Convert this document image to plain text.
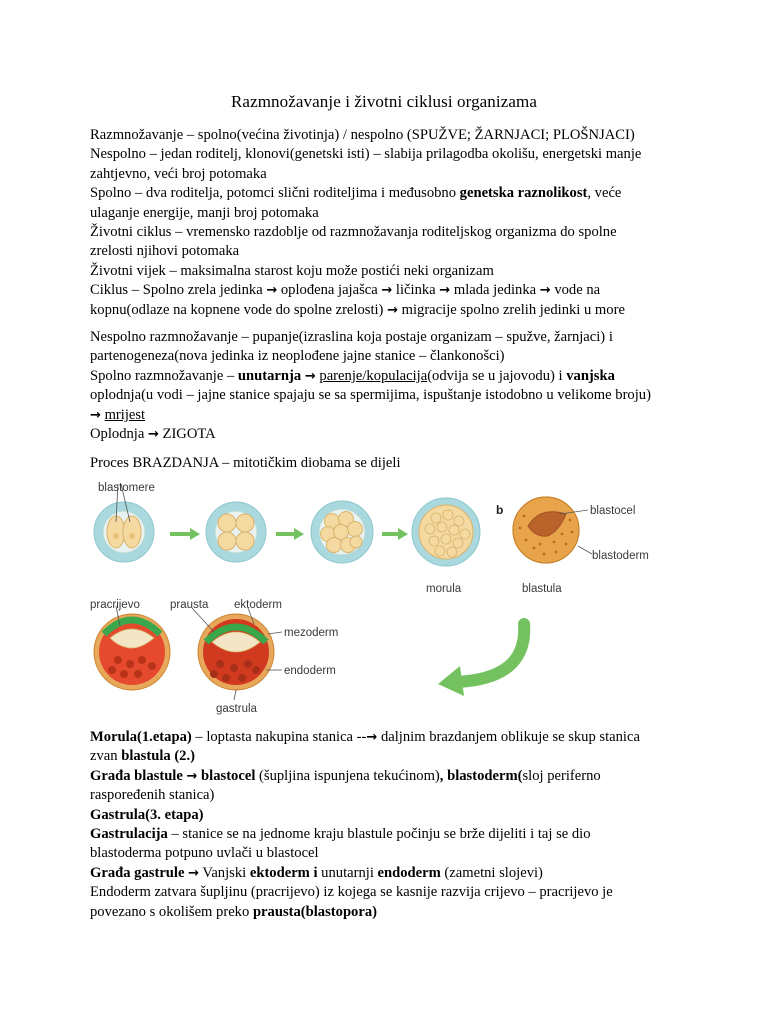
Razmnožavanje i životni ciklusi organizama
Razmnožavanje – spolno(većina životinja) / nespolno (SPUŽVE; ŽARNJACI; PLOŠNJACI)
Nespolno – jedan roditelj, klonovi(genetski isti) – slabija prilagodba okolišu, energetski manje
zahtjevno, veći broj potomaka
Spolno – dva roditelja, potomci slični roditeljima i međusobno genetska raznolikost, veće
ulaganje energije, manji broj potomaka
Životni ciklus – vremensko razdoblje od razmnožavanja roditeljskog organizma do spolne
zrelosti njihovi potomaka
Životni vijek – maksimalna starost koju može postići neki organizam
Ciklus – Spolno zrela jedinka → oplođena jajašca → ličinka → mlada jedinka → vode na
kopnu(odlaze na kopnene vode do spolne zrelosti) → migracije spolno zrelih jedinki u more
Nespolno razmnožavanje – pupanje(izraslina koja postaje organizam – spužve, žarnjaci) i
partenogeneza(nova jedinka iz neoplođene jajne stanice – člankonošci)
Spolno razmnožavanje – unutarnja → parenje/kopulacija(odvija se u jajovodu) i vanjska
oplodnja(u vodi – jajne stanice spajaju se sa spermijima, ispuštanje istodobno u velikome broju)
→ mrijest
Oplodnja → ZIGOTA
Proces BRAZDANJA – mitotičkim diobama se dijeli
blastomere
morula
b	blastocel
blastoderm
blastula
pracrijevo	prausta ektoderm
mezoderm
endoderm
gastrula
Morula(1.etapa) – loptasta nakupina stanica --→ daljnim brazdanjem oblikuje se skup stanica
zvan blastula (2.)
Građa blastule → blastocel (šupljina ispunjena tekućinom), blastoderm(sloj periferno
raspoređenih stanica)
Gastrula(3. etapa)
Gastrulacija – stanice se na jednome kraju blastule počinju se brže dijeliti i taj se dio
blastoderma potpuno uvlači u blastocel
Građa gastrule → Vanjski ektoderm i unutarnji endoderm (zametni slojevi)
Endoderm zatvara šupljinu (pracrijevo) iz kojega se kasnije razvija crijevo – pracrijevo je
povezano s okolišem preko prausta(blastopora)
